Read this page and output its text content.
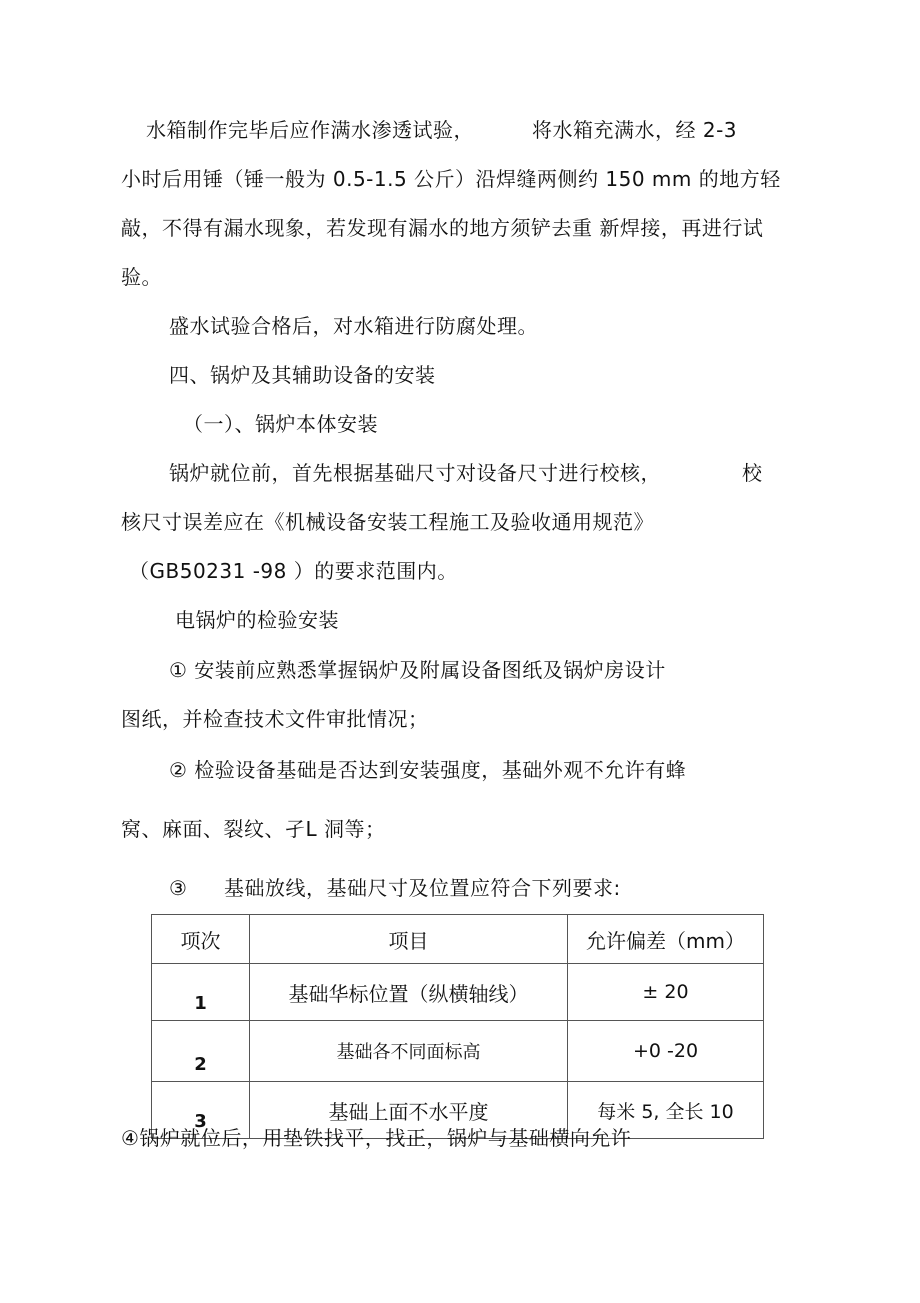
水箱制作完毕后应作满水渗透试验，	将水箱充满水，经 2-3
小时后用锤（锤一般为 0.5-1.5 公斤）沿焊缝两侧约 150 mm 的地方轻
敲，不得有漏水现象，若发现有漏水的地方须铲去重 新焊接，再进行试
验。
盛水试验合格后，对水箱进行防腐处理。
四、锅炉及其辅助设备的安装
（一）、锅炉本体安装
锅炉就位前，首先根据基础尺寸对设备尺寸进行校核，	校
核尺寸误差应在《机械设备安装工程施工及验收通用规范》
（GB50231 -98 ）的要求范围内。
电锅炉的检验安装
① 安装前应熟悉掌握锅炉及附属设备图纸及锅炉房设计
图纸，并检查技术文件审批情况；
② 检验设备基础是否达到安装强度，基础外观不允许有蜂
窝、麻面、裂纹、孑L 洞等；
③ 基础放线，基础尺寸及位置应符合下列要求:
项次	项目	允许偏差（mm）
1	基础华标位置（纵横轴线）	± 20
2	基础各不同面标高	+0 -20
3	基础上面不水平度	每米 5, 全长 10
④锅炉就位后，用垫铁找平，找正，锅炉与基础横向允许
